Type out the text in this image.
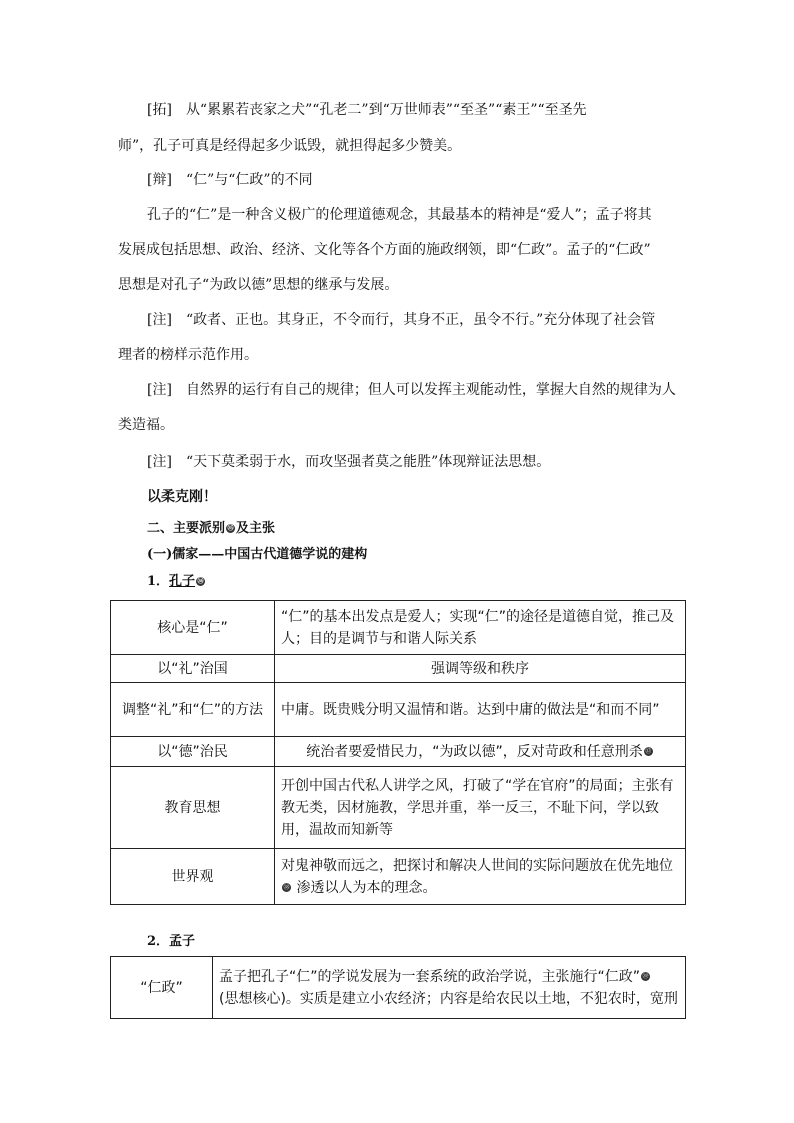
[拓] 从“累累若丧家之犬”“孔老二”到“万世师表”“至圣”“素王”“至圣先
师”，孔子可真是经得起多少诋毁，就担得起多少赞美。
[辩] “仁”与“仁政”的不同
孔子的“仁”是一种含义极广的伦理道德观念，其最基本的精神是“爱人”；孟子将其
发展成包括思想、政治、经济、文化等各个方面的施政纲领，即“仁政”。孟子的“仁政”
思想是对孔子“为政以德”思想的继承与发展。
[注] “政者、正也。其身正，不令而行，其身不正，虽令不行。”充分体现了社会管
理者的榜样示范作用。
[注] 自然界的运行有自己的规律；但人可以发挥主观能动性，掌握大自然的规律为人
类造福。
[注] “天下莫柔弱于水，而攻坚强者莫之能胜”体现辩证法思想。
以柔克刚！
二、主要派别 ㉟ 及主张
(一)儒家——中国古代道德学说的建构
1．孔子 ㊱
核心是“仁”	“仁”的基本出发点是爱人；实现“仁”的途径是道德自觉，推己及人；目的是调节与和谐人际关系
以“礼”治国	强调等级和秩序
调整“礼”和“仁”的方法	中庸。既贵贱分明又温情和谐。达到中庸的做法是“和而不同”
以“德”治民	统治者要爱惜民力，“为政以德”，反对苛政和任意刑杀 ㊲
教育思想	开创中国古代私人讲学之风，打破了“学在官府”的局面；主张有教无类，因材施教，学思并重，举一反三，不耻下问，学以致用，温故而知新等
世界观	对鬼神敬而远之，把探讨和解决人世间的实际问题放在优先地位
㊳ 渗透以人为本的理念。
2．孟子
“仁政”	孟子把孔子“仁”的学说发展为一套系统的政治学说，主张施行“仁政” ㊴
(思想核心)。实质是建立小农经济；内容是给农民以土地，不犯农时，宽刑
